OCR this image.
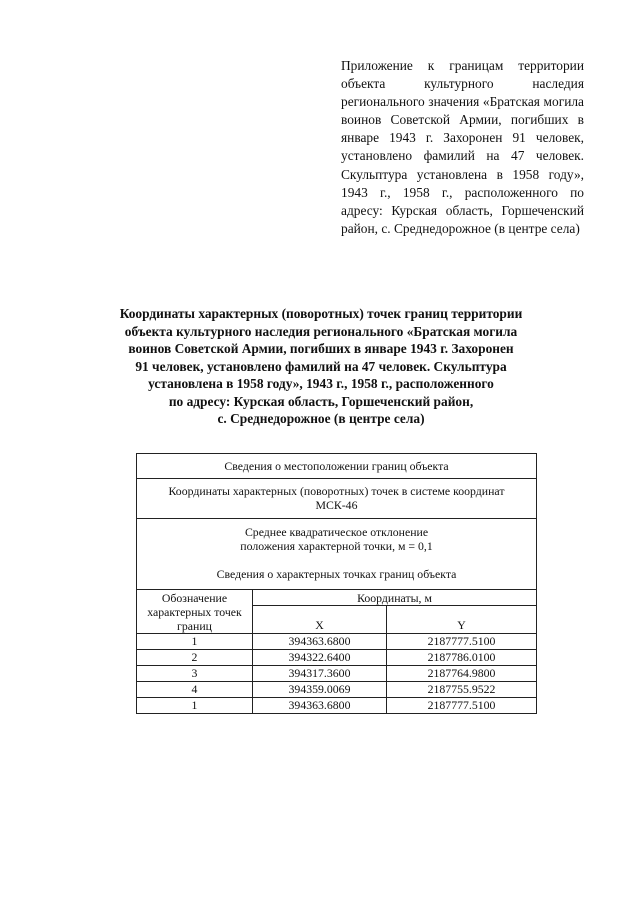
Приложение к границам территории объекта культурного наследия регионального значения «Братская могила воинов Советской Армии, погибших в январе 1943 г. Захоронен 91 человек, установлено фамилий на 47 человек. Скульптура установлена в 1958 году», 1943 г., 1958 г., расположенного по адресу: Курская область, Горшеченский район, с. Среднедорожное (в центре села)
Координаты характерных (поворотных) точек границ территории
объекта культурного наследия регионального «Братская могила
воинов Советской Армии, погибших в январе 1943 г. Захоронен
91 человек, установлено фамилий на 47 человек. Скульптура
установлена в 1958 году», 1943 г., 1958 г., расположенного
по адресу: Курская область, Горшеченский район,
с. Среднедорожное (в центре села)
Сведения о местоположении границ объекта		

Координаты характерных (поворотных) точек в системе координат
МСК-46		

Среднее квадратическое отклонение
положения характерной точки, м = 0,1
Сведения о характерных точках границ объекта		

Обозначение
характерных точек
границ	Координаты, м	
	X	Y
1	394363.6800	2187777.5100
2	394322.6400	2187786.0100
3	394317.3600	2187764.9800
4	394359.0069	2187755.9522
1	394363.6800	2187777.5100
